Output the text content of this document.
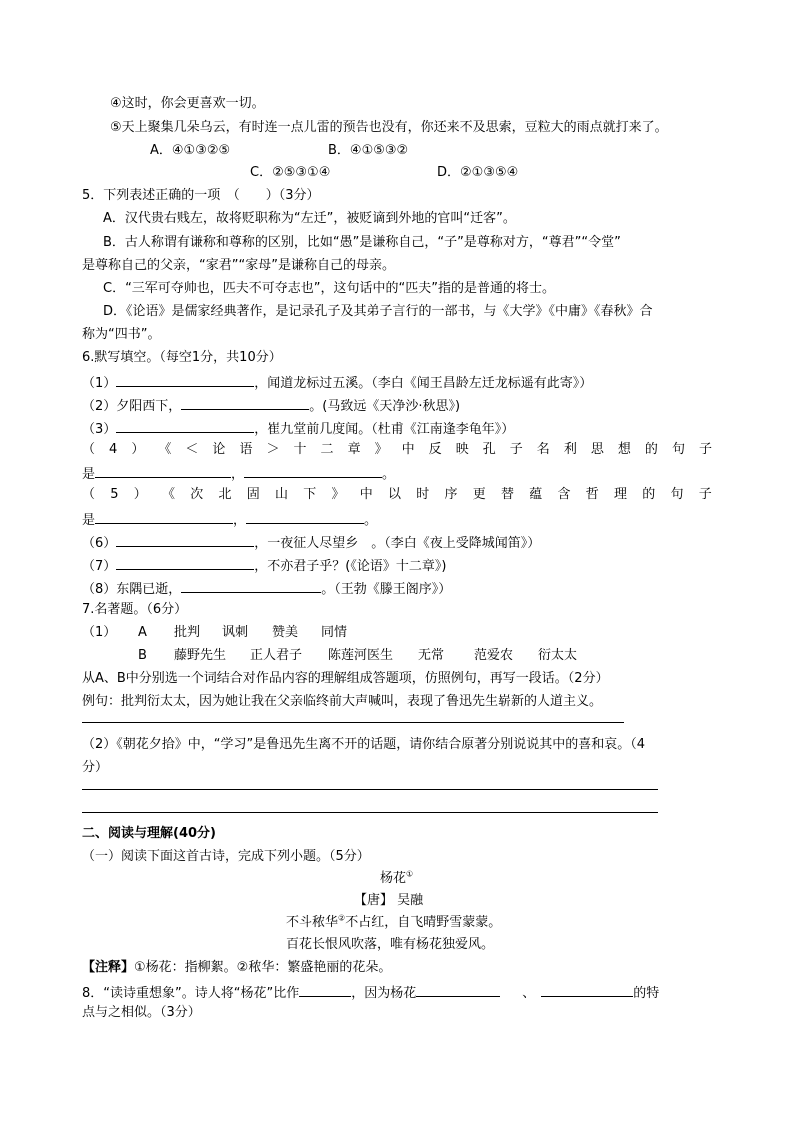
④这时，你会更喜欢一切。
⑤天上聚集几朵乌云，有时连一点儿雷的预告也没有，你还来不及思索，豆粒大的雨点就打来了。
A．④①③②⑤	B．④①⑤③②
C．②⑤③①④	D．②①③⑤④
5．下列表述正确的一项　（　　）（3分）
A．汉代贵右贱左，故将贬职称为“左迁”，被贬谪到外地的官叫“迁客”。
B．古人称谓有谦称和尊称的区别，比如“愚”是谦称自己，“子”是尊称对方，“尊君”“令堂”
是尊称自己的父亲，“家君”“家母”是谦称自己的母亲。
C．“三军可夺帅也，匹夫不可夺志也”，这句话中的“匹夫”指的是普通的将士。
D．《论语》是儒家经典著作，是记录孔子及其弟子言行的一部书，与《大学》《中庸》《春秋》合
称为“四书”。
6.默写填空。（每空1分，共10分）
（1）	，闻道龙标过五溪。（李白《闻王昌龄左迁龙标遥有此寄》）
（2）夕阳西下，	。(马致远《天净沙·秋思》)
（3）	，崔九堂前几度闻。（杜甫《江南逢李龟年》）
（ 4 ） 《 ＜ 论 语 ＞ 十 二 章 》 中 反 映 孔 子 名 利 思 想 的 句 子
是	，	。
（ 5 ） 《 次 北 固 山 下 》 中 以 时 序 更 替 蕴 含 哲 理 的 句 子
是	，	。
（6）	，一夜征人尽望乡　。（李白《夜上受降城闻笛》）
（7）	，不亦君子乎？(《论语》十二章》)
（8）东隅已逝，	。（王勃《滕王阁序》）
7.名著题。（6分）
（1） A 批判 讽刺 赞美 同情
B 藤野先生 正人君子 陈莲河医生 无常 范爱农 衍太太
从A、B中分别选一个词结合对作品内容的理解组成答题项，仿照例句，再写一段话。（2分）
例句：批判衍太太，因为她让我在父亲临终前大声喊叫，表现了鲁迅先生崭新的人道主义。
（2）《朝花夕拾》中，“学习”是鲁迅先生离不开的话题，请你结合原著分别说说其中的喜和哀。（4
分）
二、阅读与理解(40分)
（一）阅读下面这首古诗，完成下列小题。（5分）
杨花①
【唐】 吴融
不斗秾华②不占红，自飞晴野雪蒙蒙。
百花长恨风吹落，唯有杨花独爱风。
【注释】①杨花：指柳絮。②秾华：繁盛艳丽的花朵。
8．“读诗重想象”。诗人将“杨花”比作	，因为杨花	、	的特
点与之相似。（3分）
